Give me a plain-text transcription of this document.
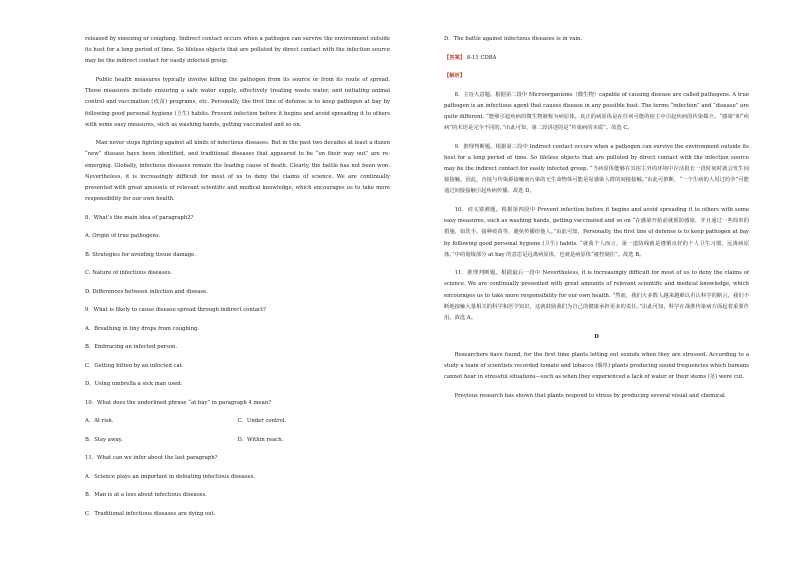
released by sneezing or coughing. Indirect contact occurs when a pathogen can survive the environment outside its host for a long period of time. So lifeless objects that are polluted by direct contact with the infection source may be the indirect contact for easily infected group.

Public health measures typically involve killing the pathogen from its source or from its route of spread. Those measures include ensuring a safe water supply, effectively treating waste water, and initiating animal control and vaccination (疫苗) programs, etc. Personally, the first line of defense is to keep pathogen at bay by following good personal hygiene (卫生) habits. Prevent infection before it begins and avoid spreading it to others with some easy measures, such as washing hands, getting vaccinated and so on.

Man never stops fighting against all kinds of infectious diseases. But in the past two decades at least a dozen “new” disease have been identified, and traditional diseases that appeared to be “on their way out” are re-emerging. Globally, infectious diseases remain the leading cause of death. Clearly, the battle has not been won. Nevertheless, it is increasingly difficult for most of us to deny the claims of science. We are continually presented with great amounts of relevant scientific and medical knowledge, which encourages us to take more responsibility for our own health.

8．What’s the main idea of paragraph2?
A. Origin of true pathogens.
B. Strategies for avoiding tissue damage.
C. Nature of infectious diseases.
D. Differences between infection and disease.
9．What is likely to cause disease spread through indirect contact?
A．Breathing in tiny drops from coughing.
B．Embracing an infected person.
C．Getting bitten by an infected cat.
D．Using umbrella a sick man used.
10．What does the underlined phrase “at bay” in paragraph 4 mean?
A．At risk.	C．Under control.
B．Stay away.	D．Within reach.
11．What can we infer about the last paragraph?
A．Science plays an important in defeating infectious diseases.
B．Man is at a loss about infectious diseases.
C．Traditional infectious diseases are dying out.
D．The battle against infectious diseases is in vain.
【答案】 8-11 CDBA
【解析】

8．主旨大意题。根据第二段中 Microorganisms（微生物）capable of causing disease are called pathogens. A true pathogen is an infectious agent that causes disease in any possible host. The terms “infection” and “disease” are quite different. “能够引起疾病的微生物被称为病原体。真正的病原体是在任何可能的宿主中引起疾病的传染媒介。“感染”和“疾病”的术语是完全不同的。”由此可知，第二段讲述的是“传染病的本质”。故选 C。

9．推理判断题。根据第三段中 Indirect contact occurs when a pathogen can survive the environment outside its host for a long period of time. So lifeless objects that are polluted by direct contact with the infection source may be the indirect contact for easily infected group. “当病原体能够在其宿主外的环境中存活很长一段时间时就会发生间接接触。因此，直接与传染源接触而污染的无生命物体可能是易感染人群的间接接触。”由此可推断，“一个生病的人用过的伞”可能通过间接接触引起疾病传播。故选 D。

10．词义猜测题。根据第四段中 Prevent infection before it begins and avoid spreading it to others with some easy measures, such as washing hands, getting vaccinated and so on “在感染开始前就预防感染，并且通过一些简单的措施，如洗手、接种疫苗等，避免传播给他人。”由此可知，Personally, the first line of defense is to keep pathogen at bay by following good personal hygiene (卫生) habits. “就我个人而言，第一道防线就是遵循良好的个人卫生习惯，远离病原体。”中的划线部分 at bay 的意思是远离病原体，也就是病原体“被控制住”。故选 B。

11．推理判断题。根据最后一段中 Nevertheless, it is increasingly difficult for most of us to deny the claims of science. We are continually presented with great amounts of relevant scientific and medical knowledge, which encourages us to take more responsibility for our own health. “然而，我们大多数人越来越难以否认科学的断言。我们不断地接触大量相关的科学和医学知识，这就鼓励我们为自己的健康承担更多的责任。”由此可知，科学在战胜传染病方面起着重要作用。故选 A。

D

Researchers have found, for the first time plants letting out sounds when they are stressed. According to a study a team of scientists recorded tomato and tobacco (烟草) plants producing sound frequencies which humans cannot hear in stressful situations—such as when they experienced a lack of water or their stems (茎) were cut.

Previous research has shown that plants respond to stress by producing several visual and chemical
